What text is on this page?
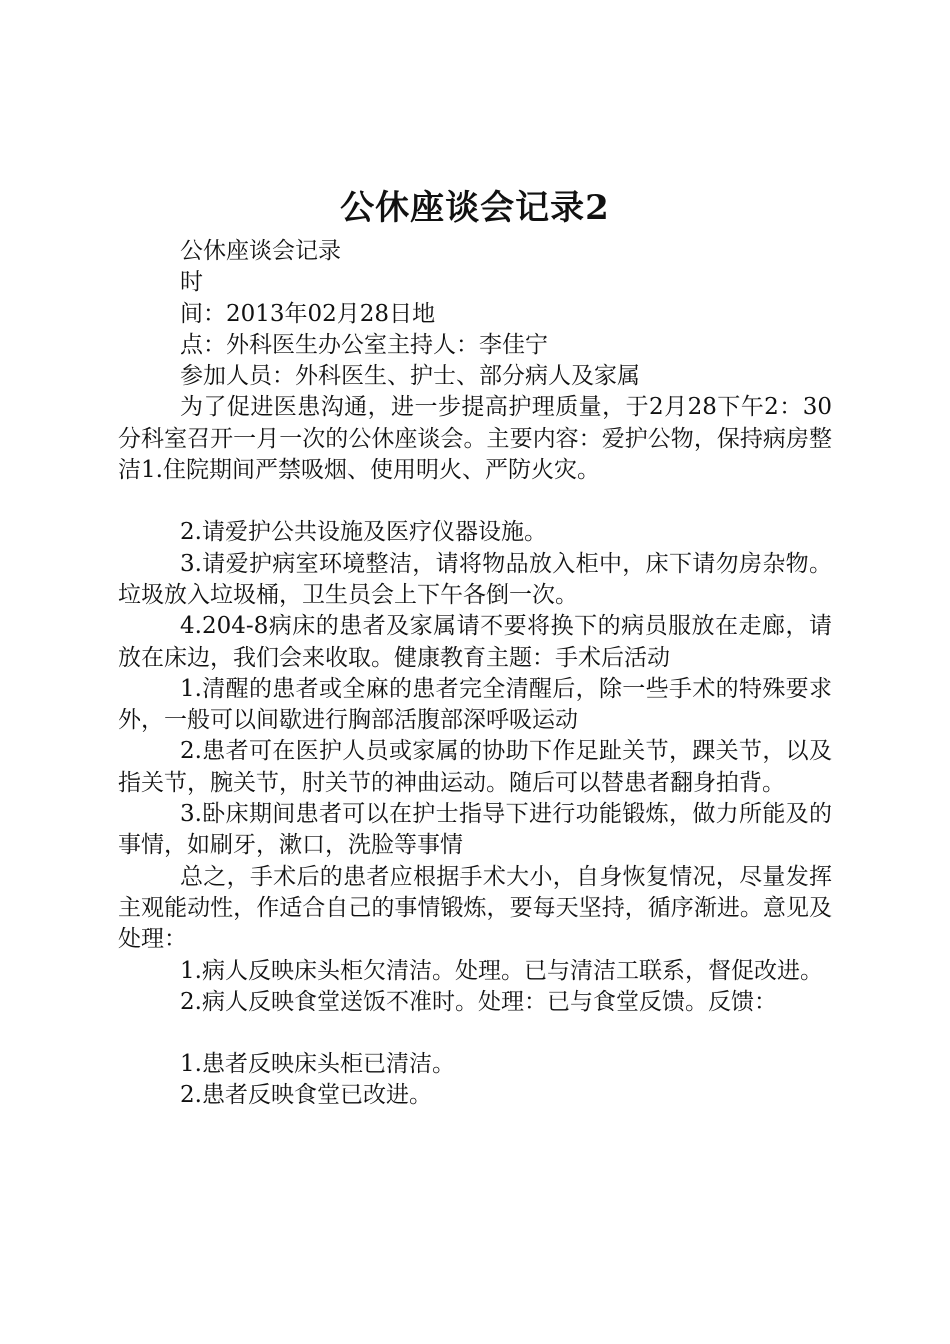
公休座谈会记录2

公休座谈会记录

时

间：2013年02月28日地

点：外科医生办公室主持人：李佳宁

参加人员：外科医生、护士、部分病人及家属

为了促进医患沟通，进一步提高护理质量，于2月28下午2：30分科室召开一月一次的公休座谈会。主要内容：爱护公物，保持病房整洁1.住院期间严禁吸烟、使用明火、严防火灾。

2.请爱护公共设施及医疗仪器设施。

3.请爱护病室环境整洁，请将物品放入柜中，床下请勿房杂物。垃圾放入垃圾桶，卫生员会上下午各倒一次。

4.204-8病床的患者及家属请不要将换下的病员服放在走廊，请放在床边，我们会来收取。健康教育主题：手术后活动

1.清醒的患者或全麻的患者完全清醒后，除一些手术的特殊要求外，一般可以间歇进行胸部活腹部深呼吸运动

2.患者可在医护人员或家属的协助下作足趾关节，踝关节，以及指关节，腕关节，肘关节的神曲运动。随后可以替患者翻身拍背。

3.卧床期间患者可以在护士指导下进行功能锻炼，做力所能及的事情，如刷牙，漱口，洗脸等事情

总之，手术后的患者应根据手术大小，自身恢复情况，尽量发挥主观能动性，作适合自己的事情锻炼，要每天坚持，循序渐进。意见及处理：

1.病人反映床头柜欠清洁。处理。已与清洁工联系，督促改进。

2.病人反映食堂送饭不准时。处理：已与食堂反馈。反馈：

1.患者反映床头柜已清洁。

2.患者反映食堂已改进。
